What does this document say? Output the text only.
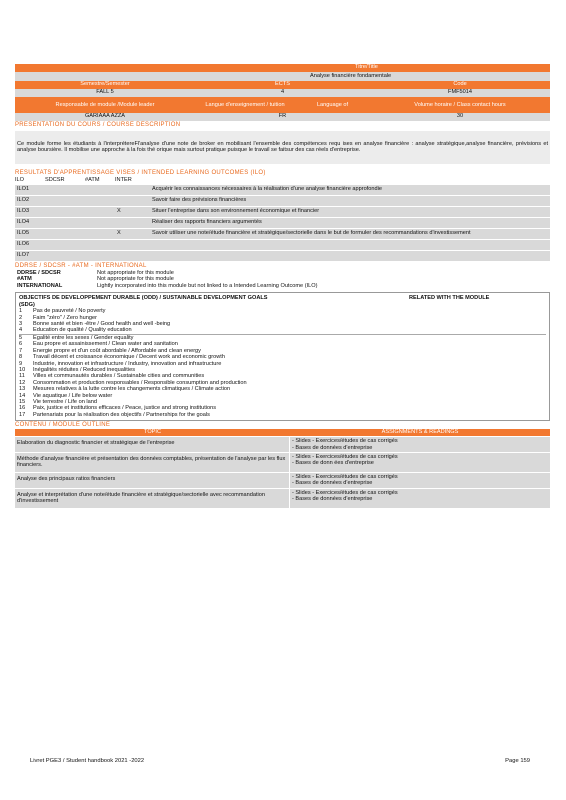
Titre/Title
Analyse financière fondamentale
Semestre/Semester	ECTS	Code
FALL 5	4	FMF5014
Responsable de module /Module leader	Langue d'enseignement / tuition	Language of	Volume horaire / Class contact hours
GARIAAA AZZA	FR	30
PRESENTATION DU COURS / COURSE DESCRIPTION
Ce module forme les étudiants à l'interprétereFl'analyse d'une note de broker en mobilisant l'ensemble des compétences requ ises en analyse financière : analyse stratégique,analyse financière, prévisions et analyse boursière. Il mobilise une approche à la fois thé orique mais surtout pratique puisque le travail se faitsur des cas réels d'entreprise.
RESULTATS D'APPRENTISSAGE VISES / INTENDED LEARNING OUTCOMES (ILO)
ILO	SDCSR	#ATM	INTER
ILO1			Acquérir les connaissances nécessaires à la réalisation d'une analyse financière approfondie
ILO2			Savoir faire des prévisions financières
ILO3		X	Situer l'entreprise dans son environnement économique et financier
ILO4			Réaliser des rapports financiers argumentés
ILO5		X	Savoir utiliser une note/étude financière et stratégique/sectorielle dans le but de formuler des recommandations d'investissement
ILO6			
ILO7			
DDRSE / SDCSR - #ATM - INTERNATIONAL
DDRSE / SDCSR	Not appropriate for this module
#ATM	Not appropriate for this module
INTERNATIONAL	Lightly incorporated into this module but not linked to a Intended Learning Outcome (ILO)
OBJECTIFS DE DEVELOPPEMENT DURABLE (ODD) / SUSTAINABLE DEVELOPMENT GOALS (SDG)
RELATED WITH THE MODULE
1	Pas de pauvreté / No poverty
2	Faim "zéro" / Zero hunger
3	Bonne santé et bien -être / Good health and well -being
4	Education de qualité / Quality education
5	Egalité entre les sexes / Gender equality
6	Eau propre et assainissement / Clean water and sanitation
7	Energie propre et d'un coût abordable / Affordable and clean energy
8	Travail décent et croissance économique / Decent work and economic growth
9	Industrie, innovation et infrastructure / Industry, innovation and infrastructure
10	Inégalités réduites / Reduced inequalities
11	Villes et communautés durables / Sustainable cities and communities
12	Consommation et production responsables / Responsible consumption and production
13	Mesures relatives à la lutte contre les changements climatiques / Climate action
14	Vie aquatique / Life below water
15	Vie terrestre / Life on land
16	Paix, justice et institutions efficaces / Peace, justice and strong institutions
17	Partenariats pour la réalisation des objectifs / Partnerships for the goals
CONTENU / MODULE OUTLINE
TOPIC	ASSIGNMENTS & READINGS
Elaboration du diagnostic financier et stratégique de l'entreprise	- Slides - Exercices/études de cas corrigés
- Bases de données d'entreprise
Méthode d'analyse financière et présentation des données comptables, présentation de l'analyse par les flux financiers.
- Slides - Exercices/études de cas corrigés
- Bases de donn ées d'entreprise
Analyse des principaux ratios financiers	- Slides - Exercices/études de cas corrigés
- Bases de données d'entreprise
Analyse et interprétation d'une note/étude financière et stratégique/sectorielle avec recommandation d'investissement
- Slides - Exercices/études de cas corrigés
- Bases de données d'entreprise
Livret PGE3 / Student handbook 2021 -2022	Page 159
